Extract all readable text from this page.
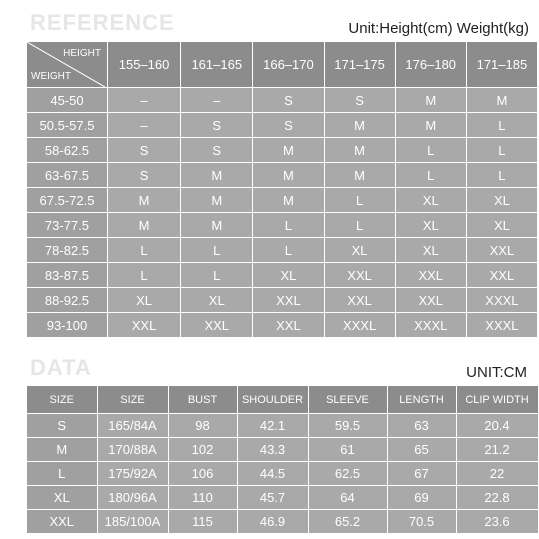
REFERENCE	Unit:Height(cm) Weight(kg)
HEIGHT
WEIGHT	155–160	161–165	166–170	171–175	176–180	171–185
45-50	–	–	S	S	M	M
50.5-57.5	–	S	S	M	M	L
58-62.5	S	S	M	M	L	L
63-67.5	S	M	M	M	L	L
67.5-72.5	M	M	M	L	XL	XL
73-77.5	M	M	L	L	XL	XL
78-82.5	L	L	L	XL	XL	XXL
83-87.5	L	L	XL	XXL	XXL	XXL
88-92.5	XL	XL	XXL	XXL	XXL	XXXL
93-100	XXL	XXL	XXL	XXXL	XXXL	XXXL
DATA	UNIT:CM
SIZE	SIZE	BUST	SHOULDER	SLEEVE	LENGTH	CLIP WIDTH
S	165/84A	98	42.1	59.5	63	20.4
M	170/88A	102	43.3	61	65	21.2
L	175/92A	106	44.5	62.5	67	22
XL	180/96A	110	45.7	64	69	22.8
XXL	185/100A	115	46.9	65.2	70.5	23.6
